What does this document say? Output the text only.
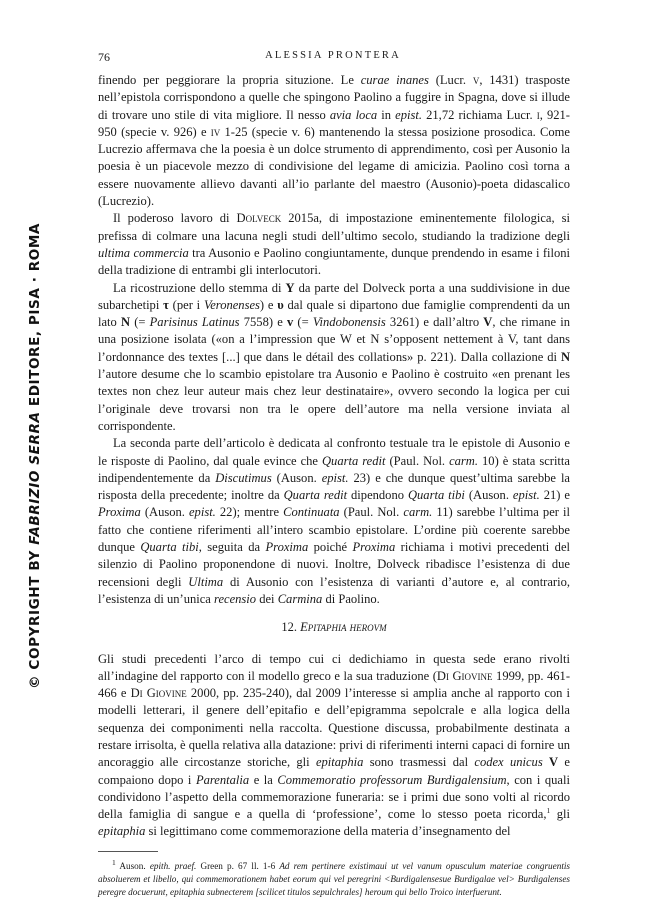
76	ALESSIA PRONTERA
© COPYRIGHT BY FABRIZIO SERRA EDITORE, PISA · ROMA

finendo per peggiorare la propria situzione. Le curae inanes (Lucr. v, 1431) trasposte nell’epistola corrispondono a quelle che spingono Paolino a fuggire in Spagna, dove si illude di trovare uno stile di vita migliore. Il nesso avia loca in epist. 21,72 richiama Lucr. i, 921-950 (specie v. 926) e iv 1-25 (specie v. 6) mantenendo la stessa posizione prosodica. Come Lucrezio affermava che la poesia è un dolce strumento di apprendimento, così per Ausonio la poesia è un piacevole mezzo di condivisione del legame di amicizia. Paolino così torna a essere nuovamente allievo davanti all’io parlante del maestro (Ausonio)-poeta didascalico (Lucrezio).

Il poderoso lavoro di Dolveck 2015a, di impostazione eminentemente filologica, si prefissa di colmare una lacuna negli studi dell’ultimo secolo, studiando la tradizione degli ultima commercia tra Ausonio e Paolino congiuntamente, dunque prendendo in esame i filoni della tradizione di entrambi gli interlocutori.

La ricostruzione dello stemma di Y da parte del Dolveck porta a una suddivisione in due subarchetipi τ (per i Veronenses) e υ dal quale si dipartono due famiglie comprendenti da un lato N (= Parisinus Latinus 7558) e v (= Vindobonensis 3261) e dall’altro V, che rimane in una posizione isolata («on a l’impression que W et N s’opposent nettement à V, tant dans l’ordonnance des textes [...] que dans le détail des collations» p. 221). Dalla collazione di N l’autore desume che lo scambio epistolare tra Ausonio e Paolino è costruito «en prenant les textes non chez leur auteur mais chez leur destinataire», ovvero secondo la logica per cui l’originale deve trovarsi non tra le opere dell’autore ma nella versione inviata al corrispondente.

La seconda parte dell’articolo è dedicata al confronto testuale tra le epistole di Ausonio e le risposte di Paolino, dal quale evince che Quarta redit (Paul. Nol. carm. 10) è stata scritta indipendentemente da Discutimus (Auson. epist. 23) e che dunque quest’ultima sarebbe la risposta della precedente; inoltre da Quarta redit dipendono Quarta tibi (Auson. epist. 21) e Proxima (Auson. epist. 22); mentre Continuata (Paul. Nol. carm. 11) sarebbe l’ultima per il fatto che contiene riferimenti all’intero scambio epistolare. L’ordine più coerente sarebbe dunque Quarta tibi, seguita da Proxima poiché Proxima richiama i motivi precedenti del silenzio di Paolino proponendone di nuovi. Inoltre, Dolveck ribadisce l’esistenza di due recensioni degli Ultima di Ausonio con l’esistenza di varianti d’autore e, al contrario, l’esistenza di un’unica recensio dei Carmina di Paolino.

12. Epitaphia herovm

Gli studi precedenti l’arco di tempo cui ci dedichiamo in questa sede erano rivolti all’indagine del rapporto con il modello greco e la sua traduzione (Di Giovine 1999, pp. 461-466 e Di Giovine 2000, pp. 235-240), dal 2009 l’interesse si amplia anche al rapporto con i modelli letterari, il genere dell’epitafio e dell’epigramma sepolcrale e alla logica della sequenza dei componimenti nella raccolta. Questione discussa, probabilmente destinata a restare irrisolta, è quella relativa alla datazione: privi di riferimenti interni capaci di fornire un ancoraggio alle circostanze storiche, gli epitaphia sono trasmessi dal codex unicus V e compaiono dopo i Parentalia e la Commemoratio professorum Burdigalensium, con i quali condividono l’aspetto della commemorazione funeraria: se i primi due sono volti al ricordo della famiglia di sangue e a quella di ‘professione’, come lo stesso poeta ricorda,$^1$ gli epitaphia si legittimano come commemorazione della materia d’insegnamento del

$^1$ Auson. epith. praef. Green p. 67 ll. 1-6 Ad rem pertinere existimaui ut vel vanum opusculum materiae congruentis absoluerem et libello, qui commemorationem habet eorum qui vel peregrini <Burdigalensesue Burdigalae vel> Burdigalenses peregre docuerunt, epitaphia subnecterem [scilicet titulos sepulchrales] heroum qui bello Troico interfuerunt.
